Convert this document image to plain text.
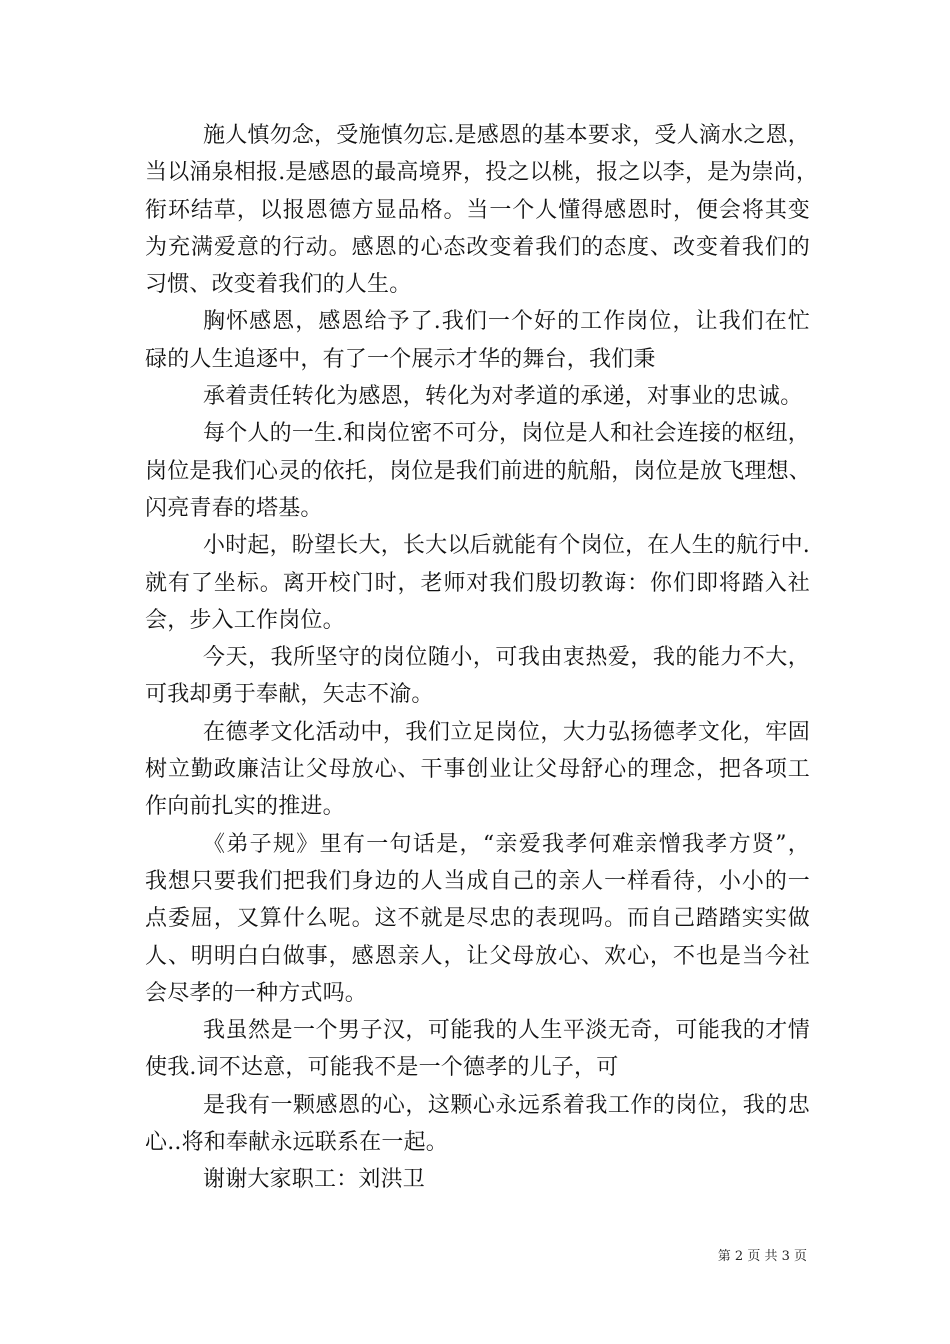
施人慎勿念，受施慎勿忘.是感恩的基本要求，受人滴水之恩，
当以涌泉相报.是感恩的最高境界，投之以桃，报之以李，是为崇尚，
衔环结草，以报恩德方显品格。当一个人懂得感恩时，便会将其变
为充满爱意的行动。感恩的心态改变着我们的态度、改变着我们的
习惯、改变着我们的人生。
胸怀感恩，感恩给予了.我们一个好的工作岗位，让我们在忙
碌的人生追逐中，有了一个展示才华的舞台，我们秉
承着责任转化为感恩，转化为对孝道的承递，对事业的忠诚。
每个人的一生.和岗位密不可分，岗位是人和社会连接的枢纽，
岗位是我们心灵的依托，岗位是我们前进的航船，岗位是放飞理想、
闪亮青春的塔基。
小时起，盼望长大，长大以后就能有个岗位，在人生的航行中.
就有了坐标。离开校门时，老师对我们殷切教诲：你们即将踏入社
会，步入工作岗位。
今天，我所坚守的岗位随小，可我由衷热爱，我的能力不大，
可我却勇于奉献，矢志不渝。
在德孝文化活动中，我们立足岗位，大力弘扬德孝文化，牢固
树立勤政廉洁让父母放心、干事创业让父母舒心的理念，把各项工
作向前扎实的推进。
《弟子规》里有一句话是，“亲爱我孝何难亲憎我孝方贤”，
我想只要我们把我们身边的人当成自己的亲人一样看待，小小的一
点委屈，又算什么呢。这不就是尽忠的表现吗。而自己踏踏实实做
人、明明白白做事，感恩亲人，让父母放心、欢心，不也是当今社
会尽孝的一种方式吗。
我虽然是一个男子汉，可能我的人生平淡无奇，可能我的才情
使我.词不达意，可能我不是一个德孝的儿子，可
是我有一颗感恩的心，这颗心永远系着我工作的岗位，我的忠
心..将和奉献永远联系在一起。
谢谢大家职工：刘洪卫
第 2 页 共 3 页
